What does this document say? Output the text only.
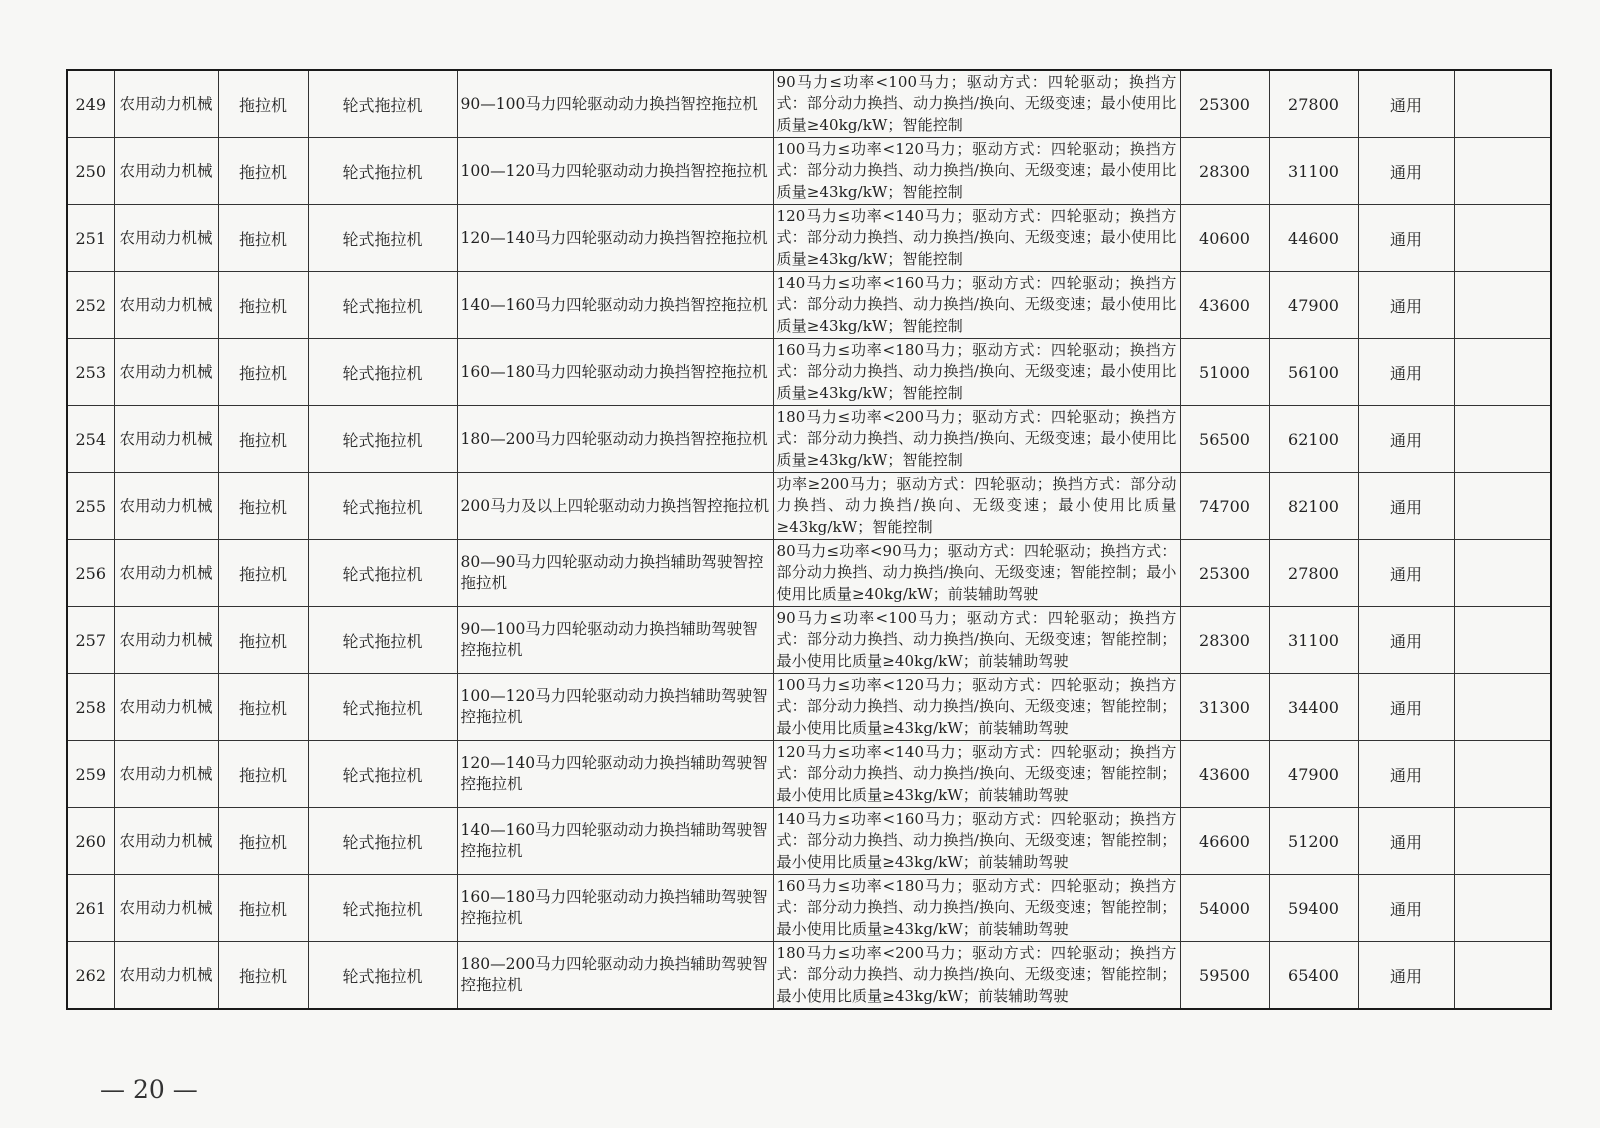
249	农用动力机械	拖拉机	轮式拖拉机	90—100马力四轮驱动动力换挡智控拖拉机	90马力≤功率<100马力；驱动方式：四轮驱动；换挡方式：部分动力换挡、动力换挡/换向、无级变速；最小使用比质量≥40kg/kW；智能控制	25300	27800	通用	
250	农用动力机械	拖拉机	轮式拖拉机	100—120马力四轮驱动动力换挡智控拖拉机	100马力≤功率<120马力；驱动方式：四轮驱动；换挡方式：部分动力换挡、动力换挡/换向、无级变速；最小使用比质量≥43kg/kW；智能控制	28300	31100	通用	
251	农用动力机械	拖拉机	轮式拖拉机	120—140马力四轮驱动动力换挡智控拖拉机	120马力≤功率<140马力；驱动方式：四轮驱动；换挡方式：部分动力换挡、动力换挡/换向、无级变速；最小使用比质量≥43kg/kW；智能控制	40600	44600	通用	
252	农用动力机械	拖拉机	轮式拖拉机	140—160马力四轮驱动动力换挡智控拖拉机	140马力≤功率<160马力；驱动方式：四轮驱动；换挡方式：部分动力换挡、动力换挡/换向、无级变速；最小使用比质量≥43kg/kW；智能控制	43600	47900	通用	
253	农用动力机械	拖拉机	轮式拖拉机	160—180马力四轮驱动动力换挡智控拖拉机	160马力≤功率<180马力；驱动方式：四轮驱动；换挡方式：部分动力换挡、动力换挡/换向、无级变速；最小使用比质量≥43kg/kW；智能控制	51000	56100	通用	
254	农用动力机械	拖拉机	轮式拖拉机	180—200马力四轮驱动动力换挡智控拖拉机	180马力≤功率<200马力；驱动方式：四轮驱动；换挡方式：部分动力换挡、动力换挡/换向、无级变速；最小使用比质量≥43kg/kW；智能控制	56500	62100	通用	
255	农用动力机械	拖拉机	轮式拖拉机	200马力及以上四轮驱动动力换挡智控拖拉机	功率≥200马力；驱动方式：四轮驱动；换挡方式：部分动力换挡、动力换挡/换向、无级变速；最小使用比质量≥43kg/kW；智能控制	74700	82100	通用	
256	农用动力机械	拖拉机	轮式拖拉机	80—90马力四轮驱动动力换挡辅助驾驶智控拖拉机	80马力≤功率<90马力；驱动方式：四轮驱动；换挡方式：部分动力换挡、动力换挡/换向、无级变速；智能控制；最小使用比质量≥40kg/kW；前装辅助驾驶	25300	27800	通用	
257	农用动力机械	拖拉机	轮式拖拉机	90—100马力四轮驱动动力换挡辅助驾驶智控拖拉机	90马力≤功率<100马力；驱动方式：四轮驱动；换挡方式：部分动力换挡、动力换挡/换向、无级变速；智能控制；最小使用比质量≥40kg/kW；前装辅助驾驶	28300	31100	通用	
258	农用动力机械	拖拉机	轮式拖拉机	100—120马力四轮驱动动力换挡辅助驾驶智控拖拉机	100马力≤功率<120马力；驱动方式：四轮驱动；换挡方式：部分动力换挡、动力换挡/换向、无级变速；智能控制；最小使用比质量≥43kg/kW；前装辅助驾驶	31300	34400	通用	
259	农用动力机械	拖拉机	轮式拖拉机	120—140马力四轮驱动动力换挡辅助驾驶智控拖拉机	120马力≤功率<140马力；驱动方式：四轮驱动；换挡方式：部分动力换挡、动力换挡/换向、无级变速；智能控制；最小使用比质量≥43kg/kW；前装辅助驾驶	43600	47900	通用	
260	农用动力机械	拖拉机	轮式拖拉机	140—160马力四轮驱动动力换挡辅助驾驶智控拖拉机	140马力≤功率<160马力；驱动方式：四轮驱动；换挡方式：部分动力换挡、动力换挡/换向、无级变速；智能控制；最小使用比质量≥43kg/kW；前装辅助驾驶	46600	51200	通用	
261	农用动力机械	拖拉机	轮式拖拉机	160—180马力四轮驱动动力换挡辅助驾驶智控拖拉机	160马力≤功率<180马力；驱动方式：四轮驱动；换挡方式：部分动力换挡、动力换挡/换向、无级变速；智能控制；最小使用比质量≥43kg/kW；前装辅助驾驶	54000	59400	通用	
262	农用动力机械	拖拉机	轮式拖拉机	180—200马力四轮驱动动力换挡辅助驾驶智控拖拉机	180马力≤功率<200马力；驱动方式：四轮驱动；换挡方式：部分动力换挡、动力换挡/换向、无级变速；智能控制；最小使用比质量≥43kg/kW；前装辅助驾驶	59500	65400	通用	
— 20 —
